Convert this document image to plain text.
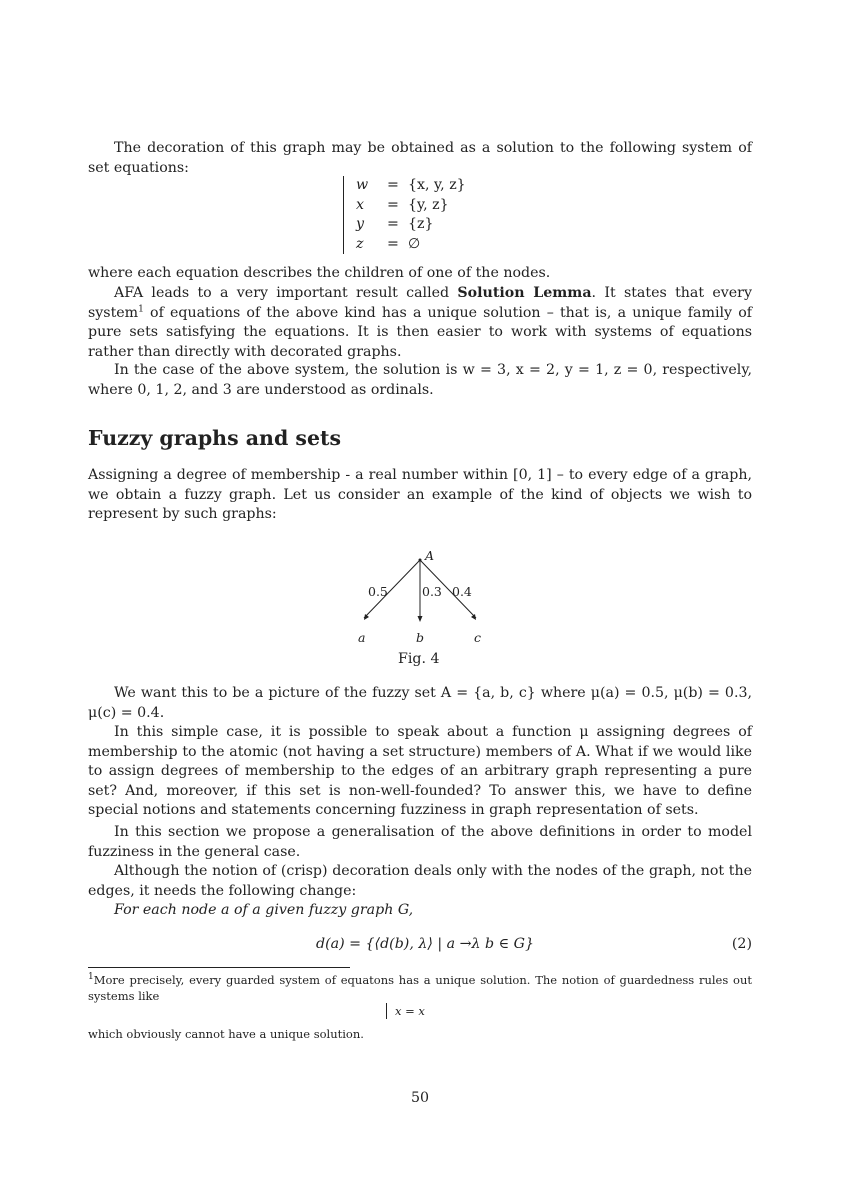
The decoration of this graph may be obtained as a solution to the following system of set equations:

w	= {x, y, z}
x	= {y, z}
y	= {z}
z	= ∅

where each equation describes the children of one of the nodes.

AFA leads to a very important result called Solution Lemma. It states that every system$^1$ of equations of the above kind has a unique solution – that is, a unique family of pure sets satisfying the equations. It is then easier to work with systems of equations rather than directly with decorated graphs.

In the case of the above system, the solution is w = 3, x = 2, y = 1, z = 0, respectively, where 0, 1, 2, and 3 are understood as ordinals.

Fuzzy graphs and sets

Assigning a degree of membership - a real number within [0, 1] – to every edge of a graph, we obtain a fuzzy graph. Let us consider an example of the kind of objects we wish to represent by such graphs:

A
0.5	0.3 0.4
a	b	c
Fig. 4

We want this to be a picture of the fuzzy set A = {a, b, c} where μ(a) = 0.5, μ(b) = 0.3, μ(c) = 0.4.

In this simple case, it is possible to speak about a function μ assigning degrees of membership to the atomic (not having a set structure) members of A. What if we would like to assign degrees of membership to the edges of an arbitrary graph representing a pure set? And, moreover, if this set is non-well-founded? To answer this, we have to define special notions and statements concerning fuzziness in graph representation of sets.

In this section we propose a generalisation of the above definitions in order to model fuzziness in the general case.

Although the notion of (crisp) decoration deals only with the nodes of the graph, not the edges, it needs the following change:

For each node a of a given fuzzy graph G,

d(a) = {⟨d(b), λ⟩ | a →λ b ∈ G}	(2)

$^1$More precisely, every guarded system of equatons has a unique solution. The notion of guardedness rules out systems like

x = x

which obviously cannot have a unique solution.

50
